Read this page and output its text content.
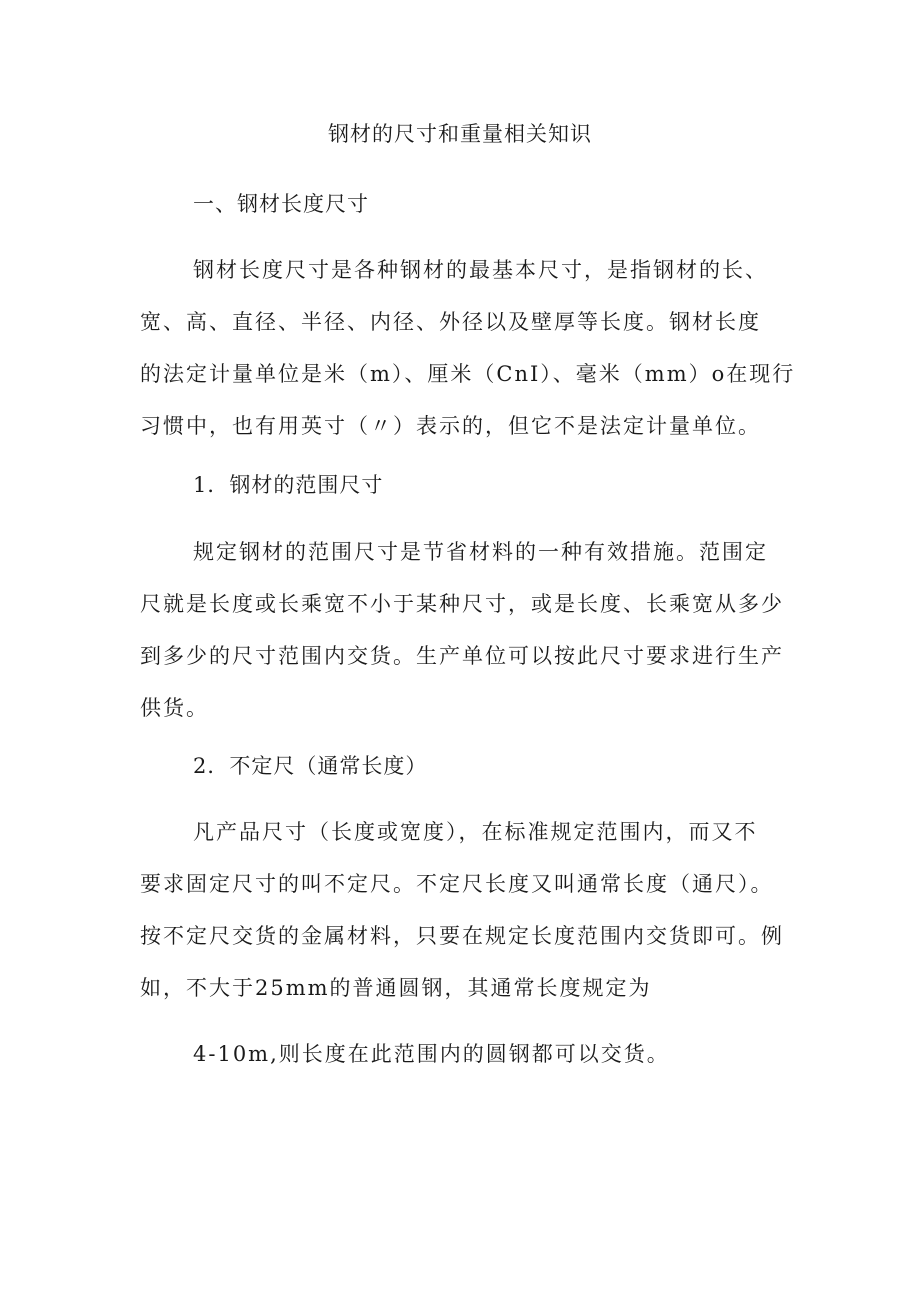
钢材的尺寸和重量相关知识
一、钢材长度尺寸
钢材长度尺寸是各种钢材的最基本尺寸，是指钢材的长、
宽、高、直径、半径、内径、外径以及壁厚等长度。钢材长度
的法定计量单位是米（m）、厘米（CnI）、毫米（mm）o在现行
习惯中，也有用英寸（〃）表示的，但它不是法定计量单位。
1．钢材的范围尺寸
规定钢材的范围尺寸是节省材料的一种有效措施。范围定
尺就是长度或长乘宽不小于某种尺寸，或是长度、长乘宽从多少
到多少的尺寸范围内交货。生产单位可以按此尺寸要求进行生产
供货。
2．不定尺（通常长度）
凡产品尺寸（长度或宽度），在标准规定范围内，而又不
要求固定尺寸的叫不定尺。不定尺长度又叫通常长度（通尺）。
按不定尺交货的金属材料，只要在规定长度范围内交货即可。例
如，不大于25mm的普通圆钢，其通常长度规定为
4-10m,则长度在此范围内的圆钢都可以交货。
